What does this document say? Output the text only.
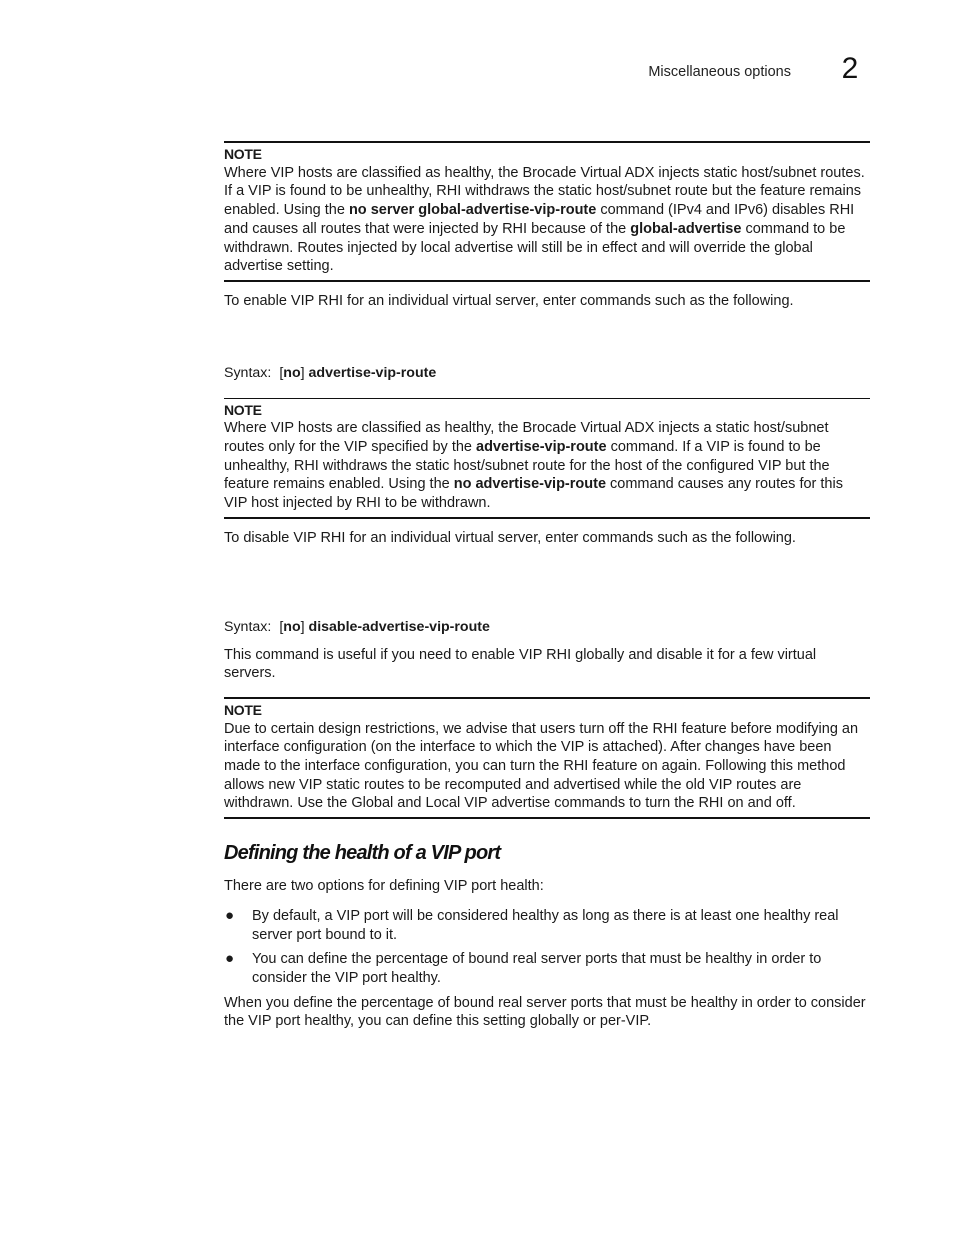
Miscellaneous options	2
NOTE

Where VIP hosts are classified as healthy, the Brocade Virtual ADX injects static host/subnet routes. If a VIP is found to be unhealthy, RHI withdraws the static host/subnet route but the feature remains enabled. Using the no server global-advertise-vip-route command (IPv4 and IPv6) disables RHI and causes all routes that were injected by RHI because of the global-advertise command to be withdrawn. Routes injected by local advertise will still be in effect and will override the global advertise setting.

To enable VIP RHI for an individual virtual server, enter commands such as the following.

Syntax: [no] advertise-vip-route
NOTE

Where VIP hosts are classified as healthy, the Brocade Virtual ADX injects a static host/subnet routes only for the VIP specified by the advertise-vip-route command. If a VIP is found to be unhealthy, RHI withdraws the static host/subnet route for the host of the configured VIP but the feature remains enabled. Using the no advertise-vip-route command causes any routes for this VIP host injected by RHI to be withdrawn.

To disable VIP RHI for an individual virtual server, enter commands such as the following.

Syntax: [no] disable-advertise-vip-route

This command is useful if you need to enable VIP RHI globally and disable it for a few virtual servers.

NOTE

Due to certain design restrictions, we advise that users turn off the RHI feature before modifying an interface configuration (on the interface to which the VIP is attached). After changes have been made to the interface configuration, you can turn the RHI feature on again. Following this method allows new VIP static routes to be recomputed and advertised while the old VIP routes are withdrawn. Use the Global and Local VIP advertise commands to turn the RHI on and off.

Defining the health of a VIP port

There are two options for defining VIP port health:

● By default, a VIP port will be considered healthy as long as there is at least one healthy real server port bound to it.
● You can define the percentage of bound real server ports that must be healthy in order to consider the VIP port healthy.

When you define the percentage of bound real server ports that must be healthy in order to consider the VIP port healthy, you can define this setting globally or per-VIP.
